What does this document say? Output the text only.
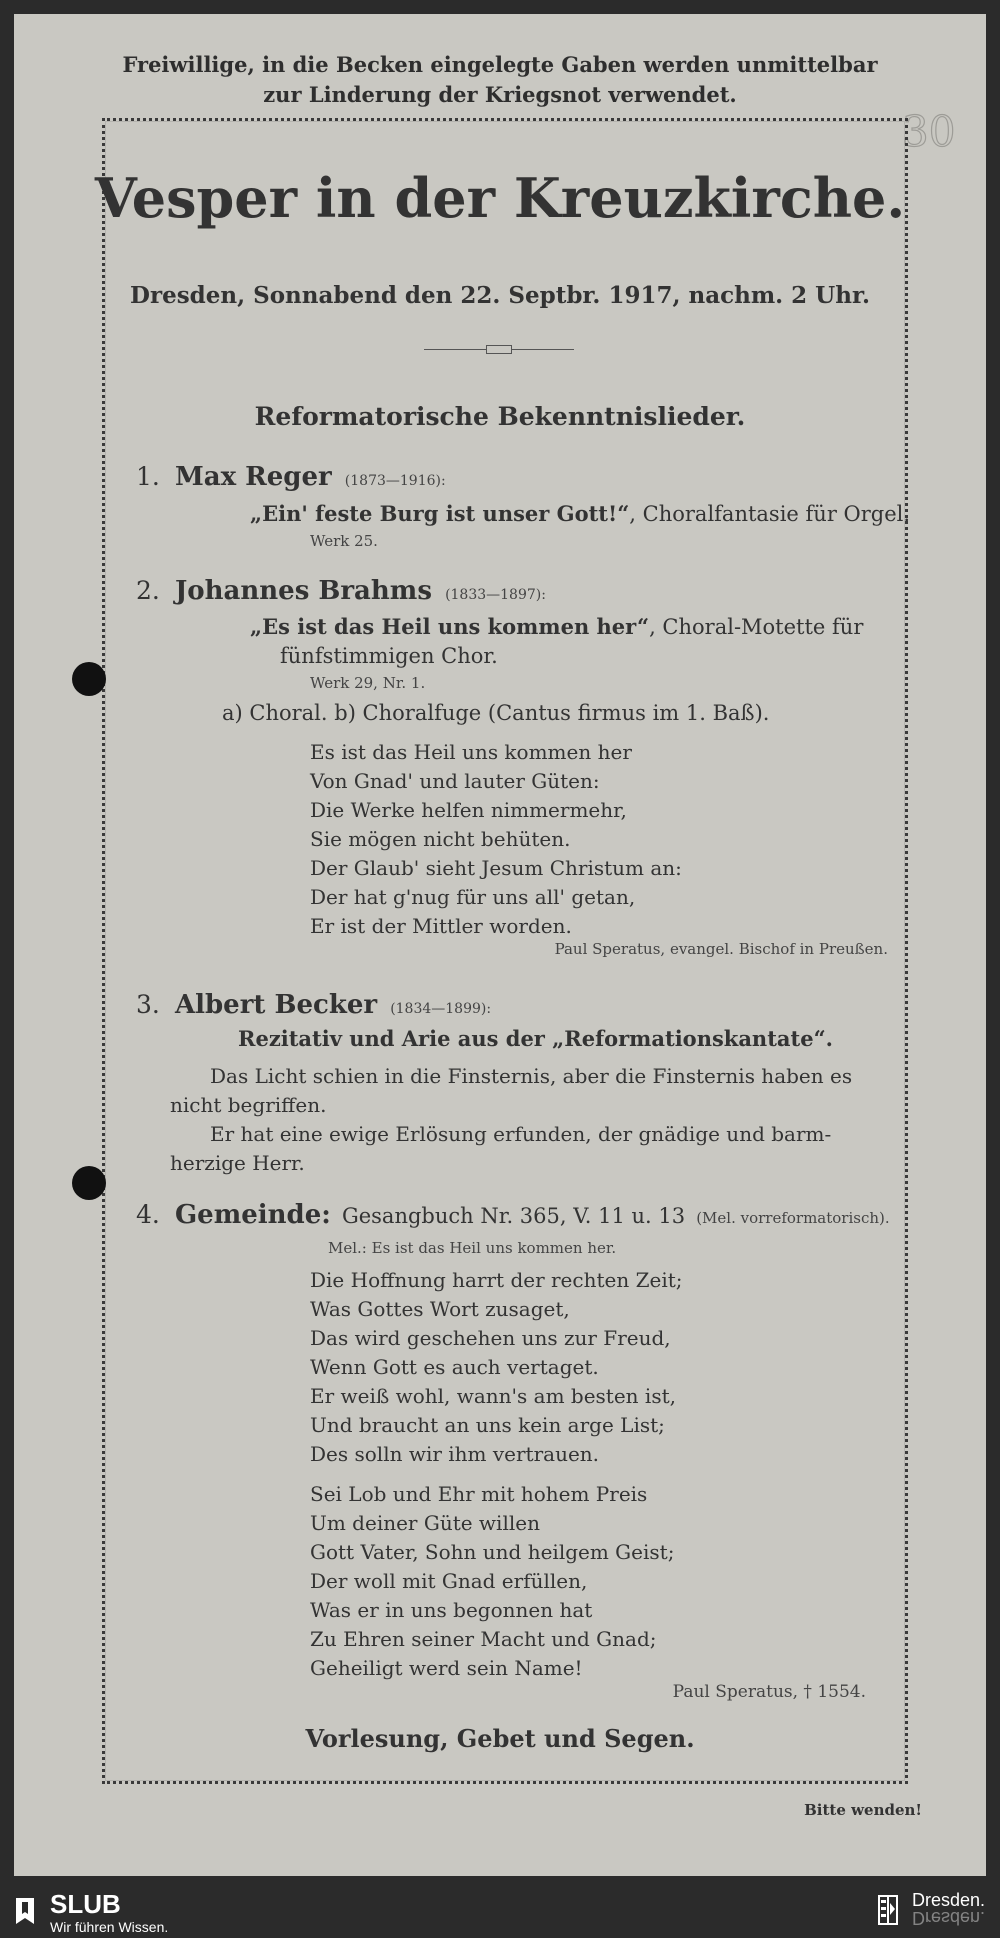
Freiwillige, in die Becken eingelegte Gaben werden unmittelbar
zur Linderung der Kriegsnot verwendet.
30
Vesper in der Kreuzkirche.
Dresden, Sonnabend den 22. Septbr. 1917, nachm. 2 Uhr.
Reformatorische Bekenntnislieder.
1. Max Reger (1873—1916):
„Ein' feste Burg ist unser Gott!“, Choralfantasie für Orgel.
Werk 25.
2. Johannes Brahms (1833—1897):
„Es ist das Heil uns kommen her“, Choral-Motette für
fünfstimmigen Chor.
Werk 29, Nr. 1.
a) Choral. b) Choralfuge (Cantus firmus im 1. Baß).
Es ist das Heil uns kommen her
Von Gnad' und lauter Güten:
Die Werke helfen nimmermehr,
Sie mögen nicht behüten.
Der Glaub' sieht Jesum Christum an:
Der hat g'nug für uns all' getan,
Er ist der Mittler worden.
Paul Speratus, evangel. Bischof in Preußen.
3. Albert Becker (1834—1899):
Rezitativ und Arie aus der „Reformationskantate“.
Das Licht schien in die Finsternis, aber die Finsternis haben es
nicht begriffen.
Er hat eine ewige Erlösung erfunden, der gnädige und barm-
herzige Herr.
4. Gemeinde: Gesangbuch Nr. 365, V. 11 u. 13 (Mel. vorreformatorisch).
Mel.: Es ist das Heil uns kommen her.
Die Hoffnung harrt der rechten Zeit;
Was Gottes Wort zusaget,
Das wird geschehen uns zur Freud,
Wenn Gott es auch vertaget.
Er weiß wohl, wann's am besten ist,
Und braucht an uns kein arge List;
Des solln wir ihm vertrauen.
Sei Lob und Ehr mit hohem Preis
Um deiner Güte willen
Gott Vater, Sohn und heilgem Geist;
Der woll mit Gnad erfüllen,
Was er in uns begonnen hat
Zu Ehren seiner Macht und Gnad;
Geheiligt werd sein Name!
Paul Speratus, † 1554.
Vorlesung, Gebet und Segen.
Bitte wenden!
SLUB
Wir führen Wissen.
Dresden.
Dresden.
